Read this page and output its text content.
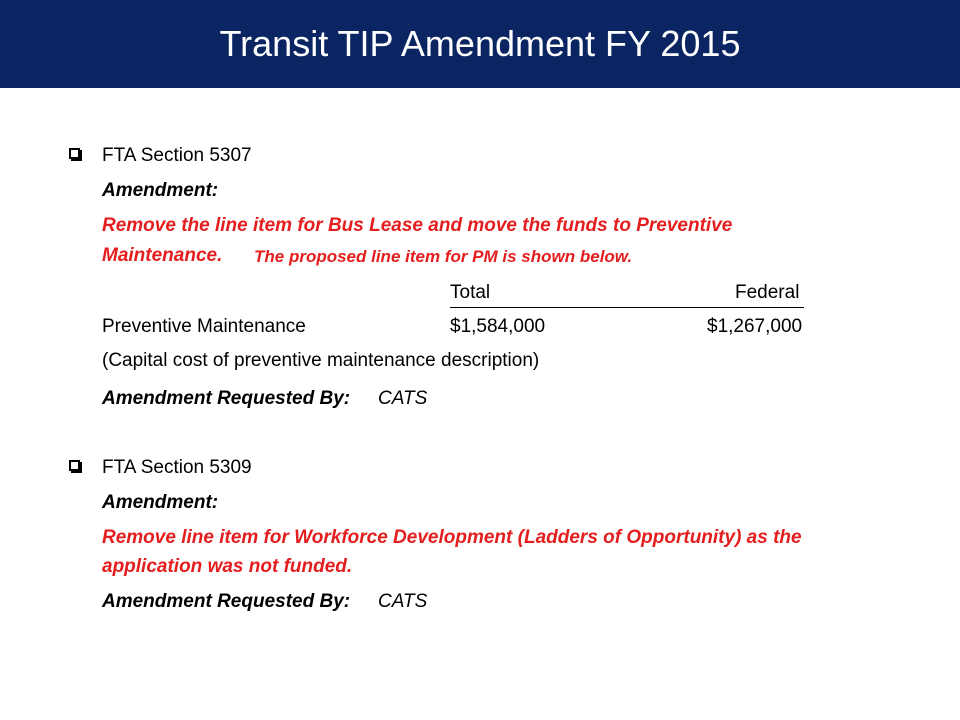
Transit TIP Amendment FY 2015
FTA Section 5307
Amendment:
Remove the line item for Bus Lease and move the funds to Preventive
Maintenance. The proposed line item for PM is shown below.
Total	Federal
Preventive Maintenance	$1,584,000	$1,267,000
(Capital cost of preventive maintenance description)
Amendment Requested By: CATS
FTA Section 5309
Amendment:
Remove line item for Workforce Development (Ladders of Opportunity) as the
application was not funded.
Amendment Requested By: CATS
